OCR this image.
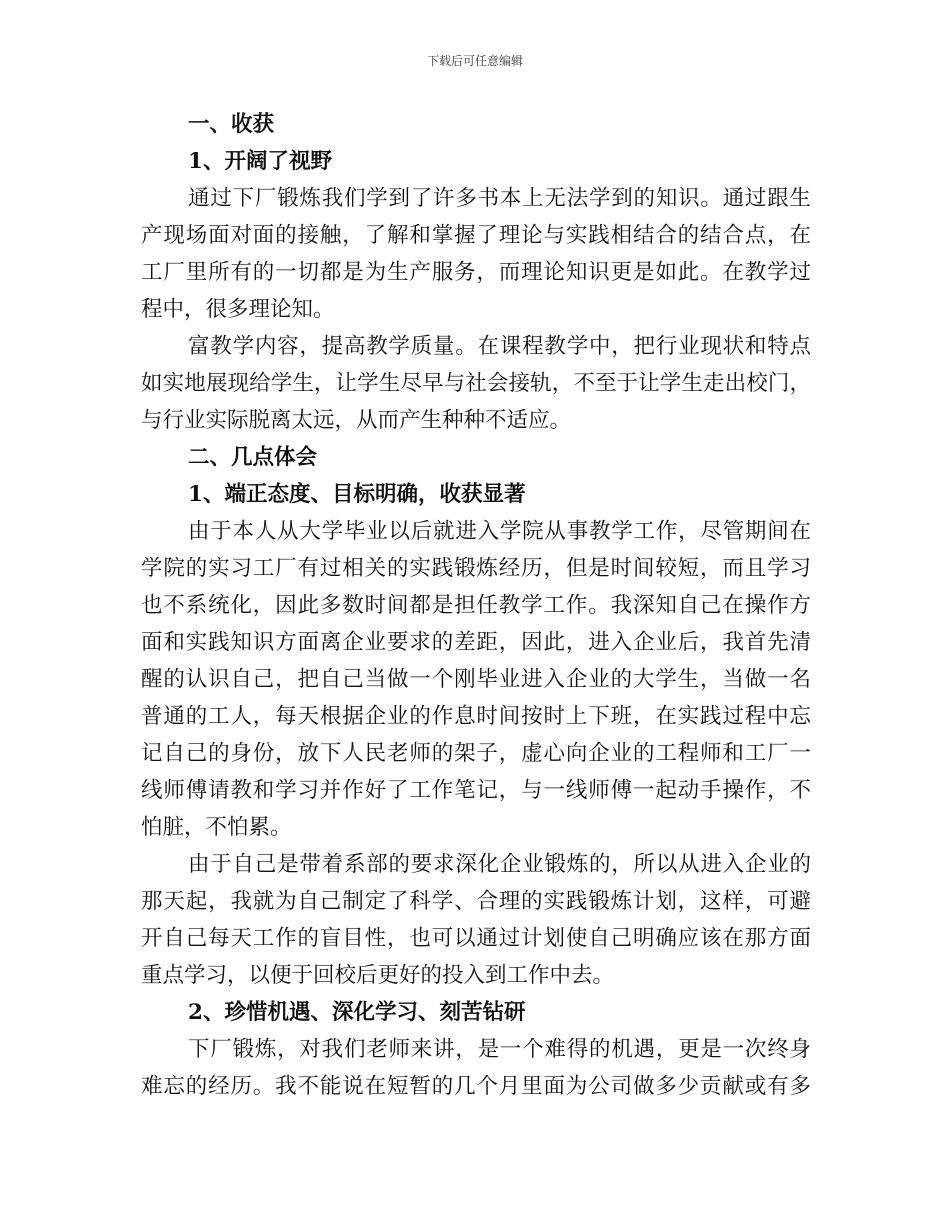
下载后可任意编辑
一、收获
1、开阔了视野
通过下厂锻炼我们学到了许多书本上无法学到的知识。通过跟生
产现场面对面的接触，了解和掌握了理论与实践相结合的结合点，在
工厂里所有的一切都是为生产服务，而理论知识更是如此。在教学过
程中，很多理论知。
富教学内容，提高教学质量。在课程教学中，把行业现状和特点
如实地展现给学生，让学生尽早与社会接轨，不至于让学生走出校门，
与行业实际脱离太远，从而产生种种不适应。
二、几点体会
1、端正态度、目标明确，收获显著
由于本人从大学毕业以后就进入学院从事教学工作，尽管期间在
学院的实习工厂有过相关的实践锻炼经历，但是时间较短，而且学习
也不系统化，因此多数时间都是担任教学工作。我深知自己在操作方
面和实践知识方面离企业要求的差距，因此，进入企业后，我首先清
醒的认识自己，把自己当做一个刚毕业进入企业的大学生，当做一名
普通的工人，每天根据企业的作息时间按时上下班，在实践过程中忘
记自己的身份，放下人民老师的架子，虚心向企业的工程师和工厂一
线师傅请教和学习并作好了工作笔记，与一线师傅一起动手操作，不
怕脏，不怕累。
由于自己是带着系部的要求深化企业锻炼的，所以从进入企业的
那天起，我就为自己制定了科学、合理的实践锻炼计划，这样，可避
开自己每天工作的盲目性，也可以通过计划使自己明确应该在那方面
重点学习，以便于回校后更好的投入到工作中去。
2、珍惜机遇、深化学习、刻苦钻研
下厂锻炼，对我们老师来讲，是一个难得的机遇，更是一次终身
难忘的经历。我不能说在短暂的几个月里面为公司做多少贡献或有多
